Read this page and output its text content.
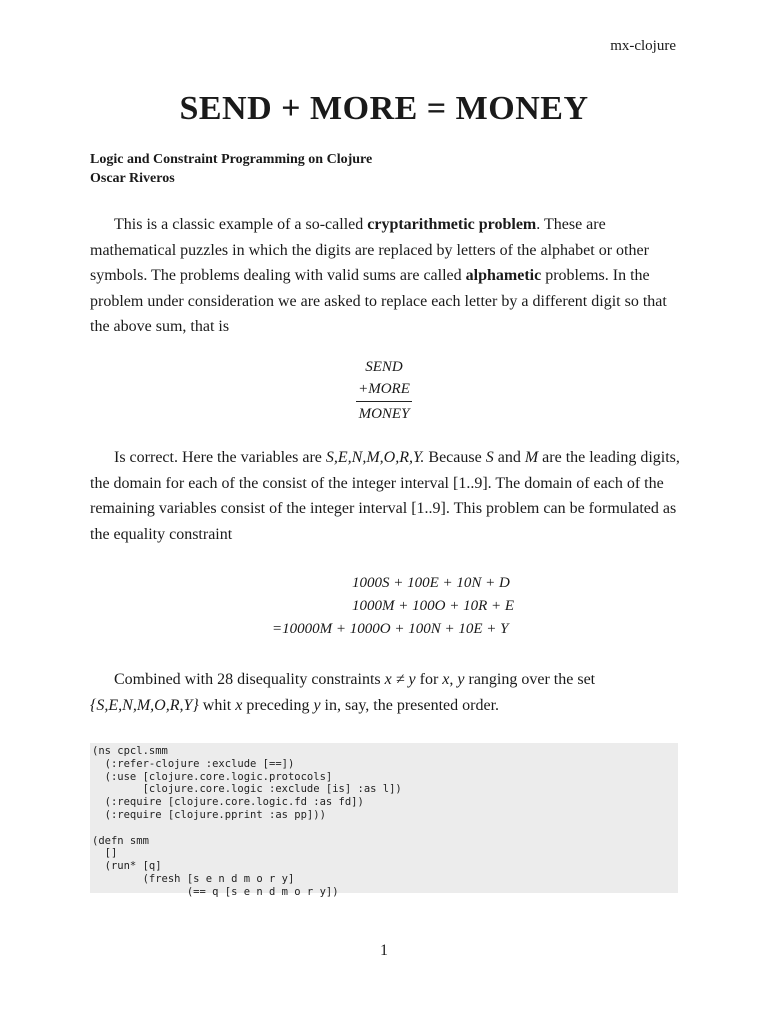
mx-clojure
SEND + MORE = MONEY
Logic and Constraint Programming on Clojure
Oscar Riveros
This is a classic example of a so-called cryptarithmetic problem. These are mathematical puzzles in which the digits are replaced by letters of the alphabet or other symbols. The problems dealing with valid sums are called alphametic problems. In the problem under consideration we are asked to replace each letter by a different digit so that the above sum, that is
SEND
+MORE
MONEY
Is correct. Here the variables are S,E,N,M,O,R,Y. Because S and M are the leading digits, the domain for each of the consist of the integer interval [1..9]. The domain of each of the remaining variables consist of the integer interval [1..9]. This problem can be formulated as the equality constraint
1000S + 100E + 10N + D
1000M + 100O + 10R + E
= 10000M + 1000O + 100N + 10E + Y
Combined with 28 disequality constraints x ≠ y for x, y ranging over the set {S,E,N,M,O,R,Y} whit x preceding y in, say, the presented order.
(ns cpcl.smm
(:refer-clojure :exclude [==])
(:use [clojure.core.logic.protocols]
[clojure.core.logic :exclude [is] :as l])
(:require [clojure.core.logic.fd :as fd])
(:require [clojure.pprint :as pp]))
(defn smm
[]
(run* [q]
(fresh [s e n d m o r y]
(== q [s e n d m o r y])
1
